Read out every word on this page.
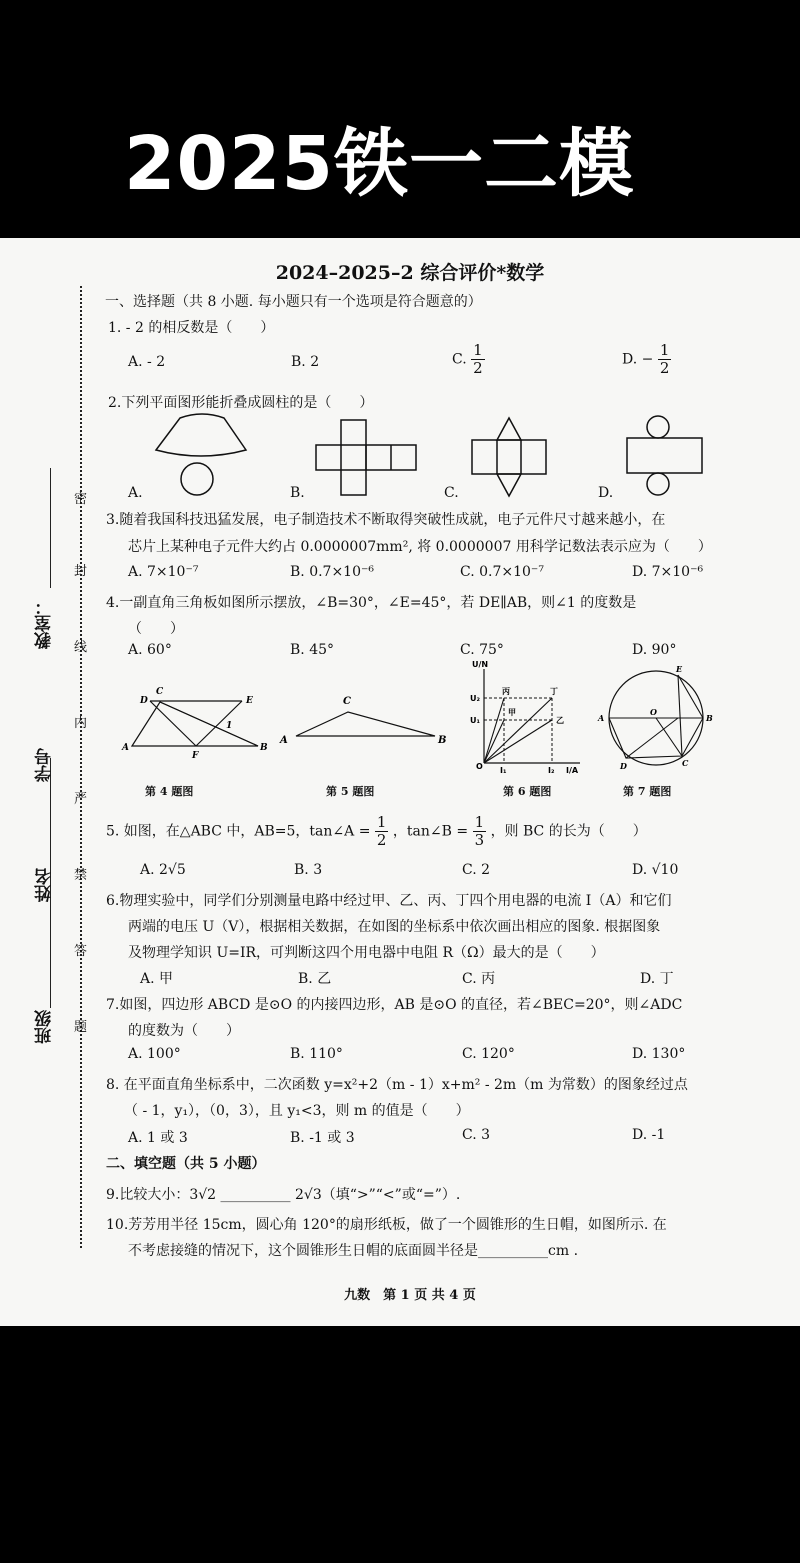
2025铁一二模
2024–2025–2 综合评价*数学
教室：
学号
姓名
班级
密
封
线
内
严
禁
答
题
一、选择题（共 8 小题. 每小题只有一个选项是符合题意的）
1. - 2 的相反数是（　　）
A. - 2	B. 2	C. $\frac{1}{2}$	D. − $\frac{1}{2}$
2.下列平面图形能折叠成圆柱的是（　　）
A.	B.	C.	D.
3.随着我国科技迅猛发展，电子制造技术不断取得突破性成就，电子元件尺寸越来越小，在
芯片上某种电子元件大约占 0.0000007mm², 将 0.0000007 用科学记数法表示应为（　　）
A. 7×10⁻⁷	B. 0.7×10⁻⁶	C. 0.7×10⁻⁷	D. 7×10⁻⁶
4.一副直角三角板如图所示摆放，∠B=30°，∠E=45°，若 DE∥AB，则∠1 的度数是
（　　）
A. 60°	B. 45°	C. 75°	D. 90°
A	B
C
D	E
F
1
第 4 题图
A	B
C
第 5 题图
U/N
I/A
U₂
U₁
I₁	I₂
O
丙	丁
甲
乙
第 6 题图
A	B
C
D
E
O
第 7 题图
5. 如图，在△ABC 中，AB=5，tan∠A = $\frac{1}{2}$ ，tan∠B = $\frac{1}{3}$ ，则 BC 的长为（　　）
A. 2√5	B. 3	C. 2	D. √10
6.物理实验中，同学们分别测量电路中经过甲、乙、丙、丁四个用电器的电流 I（A）和它们
两端的电压 U（V），根据相关数据，在如图的坐标系中依次画出相应的图象. 根据图象
及物理学知识 U=IR，可判断这四个用电器中电阻 R（Ω）最大的是（　　）
A. 甲	B. 乙	C. 丙	D. 丁
7.如图，四边形 ABCD 是⊙O 的内接四边形，AB 是⊙O 的直径，若∠BEC=20°，则∠ADC
的度数为（　　）
A. 100°	B. 110°	C. 120°	D. 130°
8. 在平面直角坐标系中，二次函数 y=x²+2（m - 1）x+m² - 2m（m 为常数）的图象经过点
（ - 1，y₁），（0，3），且 y₁<3，则 m 的值是（　　）
A. 1 或 3	B. -1 或 3	C. 3	D. -1
二、填空题（共 5 小题）
9.比较大小：3√2 __________ 2√3（填“>”“<”或“=”）.
10.芳芳用半径 15cm，圆心角 120°的扇形纸板，做了一个圆锥形的生日帽，如图所示. 在
不考虑接缝的情况下，这个圆锥形生日帽的底面圆半径是__________cm .
九数　第 1 页 共 4 页
